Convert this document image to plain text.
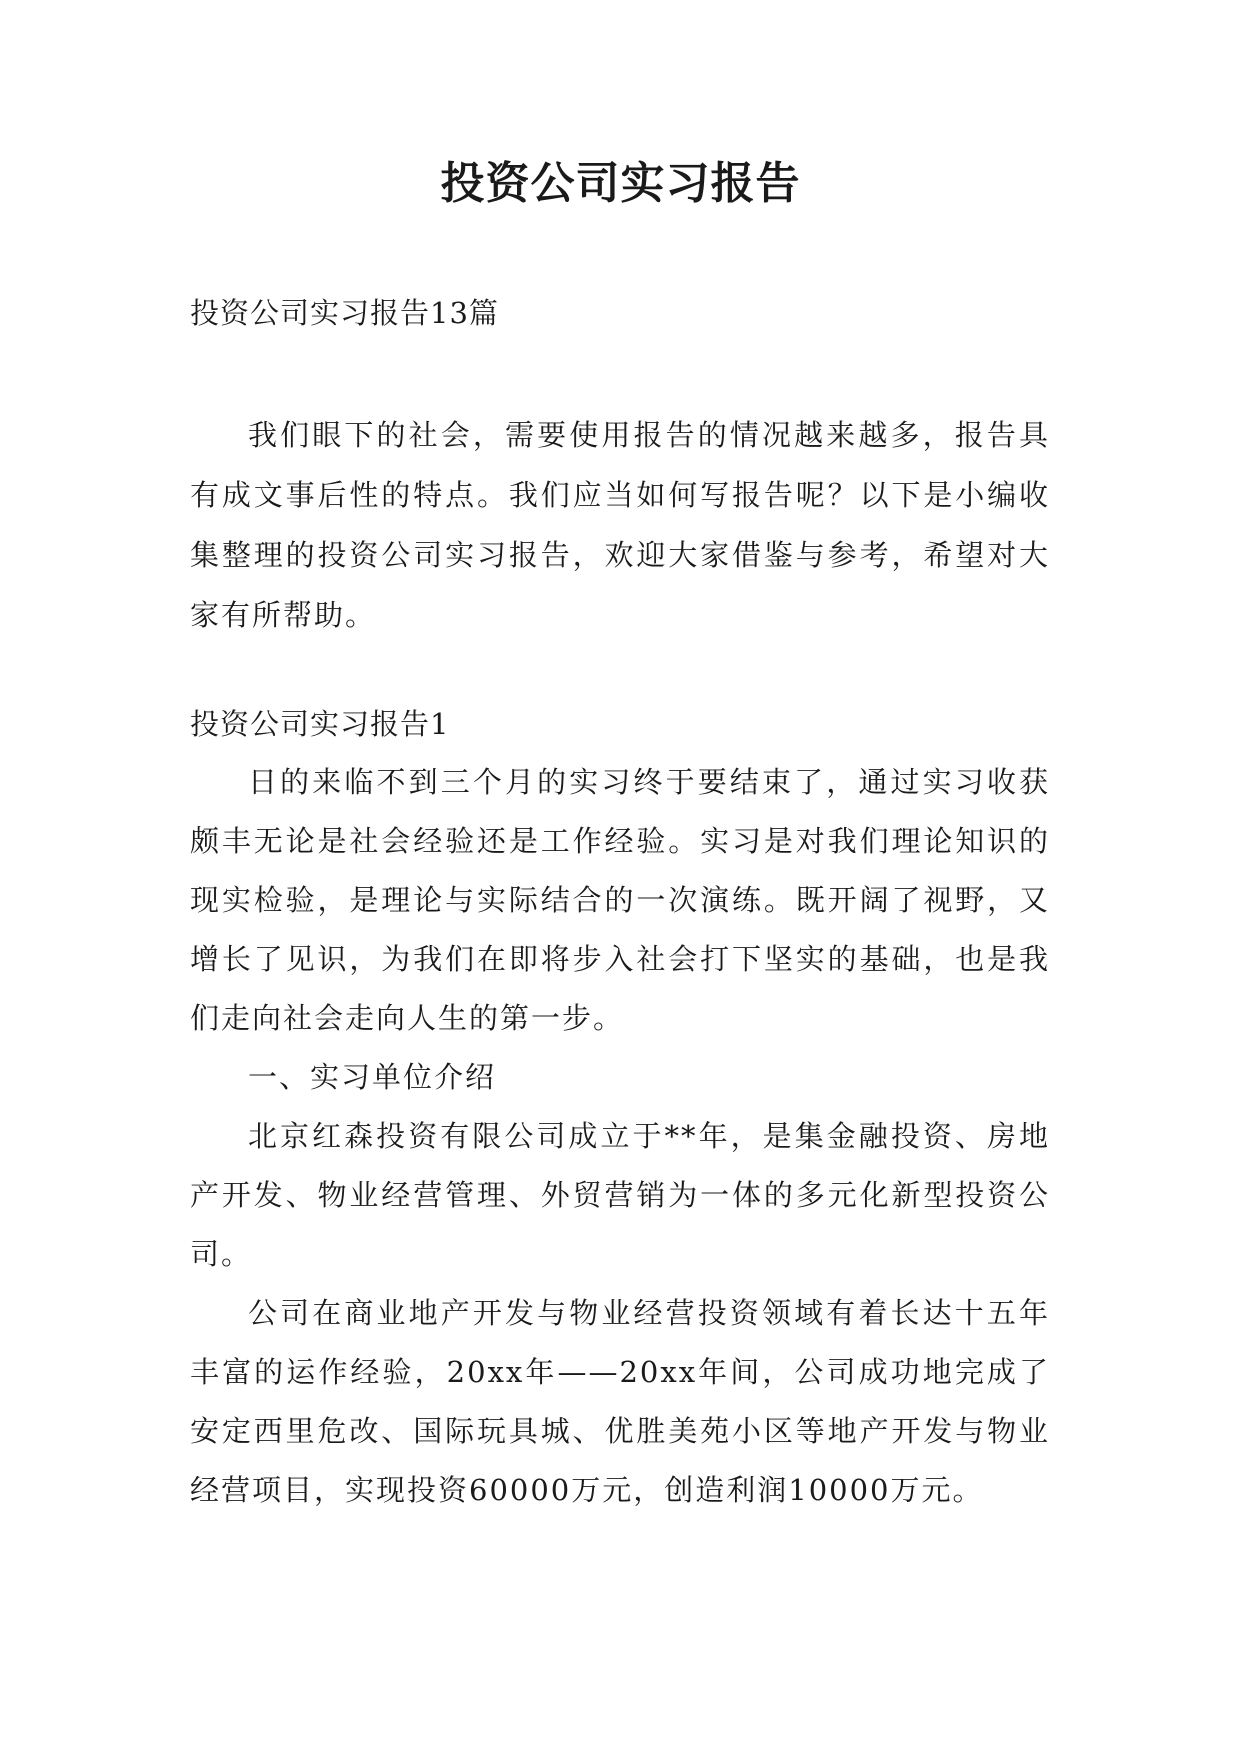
投资公司实习报告
投资公司实习报告13篇

我们眼下的社会，需要使用报告的情况越来越多，报告具有成文事后性的特点。我们应当如何写报告呢？以下是小编收集整理的投资公司实习报告，欢迎大家借鉴与参考，希望对大家有所帮助。

投资公司实习报告1

日的来临不到三个月的实习终于要结束了，通过实习收获颇丰无论是社会经验还是工作经验。实习是对我们理论知识的现实检验，是理论与实际结合的一次演练。既开阔了视野，又增长了见识，为我们在即将步入社会打下坚实的基础，也是我们走向社会走向人生的第一步。

一、实习单位介绍

北京红森投资有限公司成立于**年，是集金融投资、房地产开发、物业经营管理、外贸营销为一体的多元化新型投资公司。

公司在商业地产开发与物业经营投资领域有着长达十五年丰富的运作经验，20xx年——20xx年间，公司成功地完成了安定西里危改、国际玩具城、优胜美苑小区等地产开发与物业经营项目，实现投资60000万元，创造利润10000万元。
